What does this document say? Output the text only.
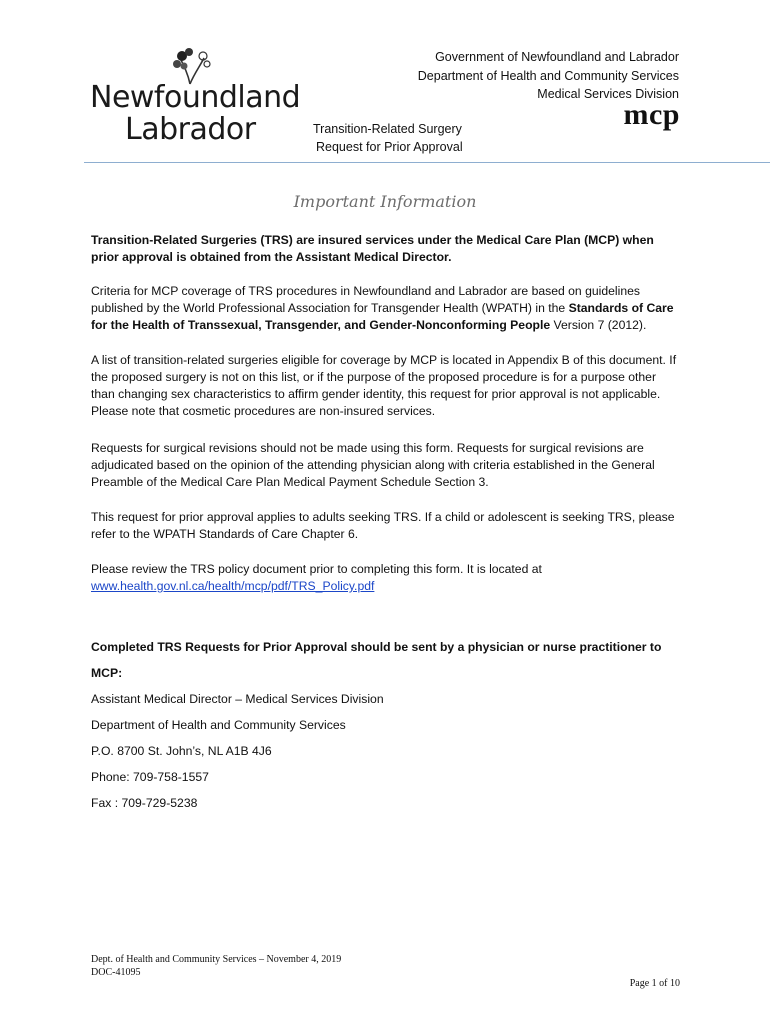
Government of Newfoundland and Labrador
Department of Health and Community Services
Medical Services Division
Newfoundland
Labrador	mcp
Transition-Related Surgery
Request for Prior Approval
Important Information
Transition-Related Surgeries (TRS) are insured services under the Medical Care Plan (MCP) when prior approval is obtained from the Assistant Medical Director.
Criteria for MCP coverage of TRS procedures in Newfoundland and Labrador are based on guidelines published by the World Professional Association for Transgender Health (WPATH) in the Standards of Care for the Health of Transsexual, Transgender, and Gender-Nonconforming People Version 7 (2012).
A list of transition-related surgeries eligible for coverage by MCP is located in Appendix B of this document. If the proposed surgery is not on this list, or if the purpose of the proposed procedure is for a purpose other than changing sex characteristics to affirm gender identity, this request for prior approval is not applicable. Please note that cosmetic procedures are non-insured services.
Requests for surgical revisions should not be made using this form. Requests for surgical revisions are adjudicated based on the opinion of the attending physician along with criteria established in the General Preamble of the Medical Care Plan Medical Payment Schedule Section 3.
This request for prior approval applies to adults seeking TRS. If a child or adolescent is seeking TRS, please refer to the WPATH Standards of Care Chapter 6.
Please review the TRS policy document prior to completing this form. It is located at
www.health.gov.nl.ca/health/mcp/pdf/TRS_Policy.pdf
Completed TRS Requests for Prior Approval should be sent by a physician or nurse practitioner to
MCP:
Assistant Medical Director – Medical Services Division
Department of Health and Community Services
P.O. 8700 St. John’s, NL A1B 4J6
Phone: 709-758-1557
Fax : 709-729-5238
Dept. of Health and Community Services – November 4, 2019
DOC-41095
Page 1 of 10
